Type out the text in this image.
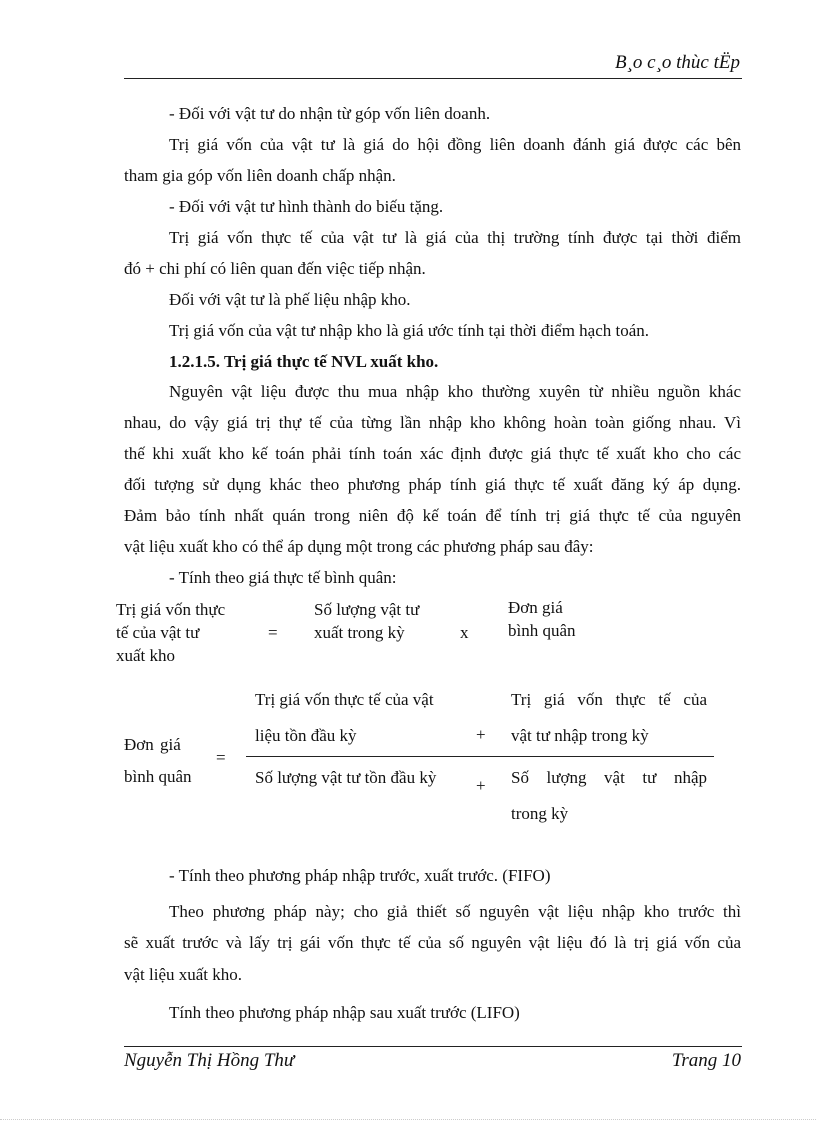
B¸o c¸o thùc tËp
- Đối với vật tư do nhận từ góp vốn liên doanh.
Trị giá vốn của vật tư là giá do hội đồng liên doanh đánh giá được các bên
tham gia góp vốn liên doanh chấp nhận.
- Đối với vật tư hình thành do biếu tặng.
Trị giá vốn thực tế của vật tư là giá của thị trường tính được tại thời điểm
đó + chi phí có liên quan đến việc tiếp nhận.
Đối với vật tư là phế liệu nhập kho.
Trị giá vốn của vật tư nhập kho là giá ước tính tại thời điểm hạch toán.
1.2.1.5. Trị giá thực tế NVL xuất kho.
Nguyên vật liệu được thu mua nhập kho thường xuyên từ nhiều nguồn khác
nhau, do vậy giá trị thự tế của từng lần nhập kho không hoàn toàn giống nhau. Vì
thế khi xuất kho kế toán phải tính toán xác định được giá thực tế xuất kho cho các
đối tượng sử dụng khác theo phương pháp tính giá thực tế xuất đăng ký áp dụng.
Đảm bảo tính nhất quán trong niên độ kế toán để tính trị giá thực tế của nguyên
vật liệu xuất kho có thể áp dụng một trong các phương pháp sau đây:
- Tính theo giá thực tế bình quân:
Trị giá vốn thực
tế của vật tư
xuất kho
=
Số lượng vật tư
xuất trong kỳ	x
Đơn giá
bình quân
Đơn giá
bình quân
=
Trị giá vốn thực tế của vật
liệu tồn đầu kỳ	+
Trị giá vốn thực tế của
vật tư nhập trong kỳ
Số lượng vật tư tồn đầu kỳ + Số lượng vật tư nhập
trong kỳ
- Tính theo phương pháp nhập trước, xuất trước. (FIFO)
Theo phương pháp này; cho giả thiết số nguyên vật liệu nhập kho trước thì
sẽ xuất trước và lấy trị gái vốn thực tế của số nguyên vật liệu đó là trị giá vốn của
vật liệu xuất kho.
Tính theo phương pháp nhập sau xuất trước (LIFO)
Nguyễn Thị Hồng Thư	Trang 10
